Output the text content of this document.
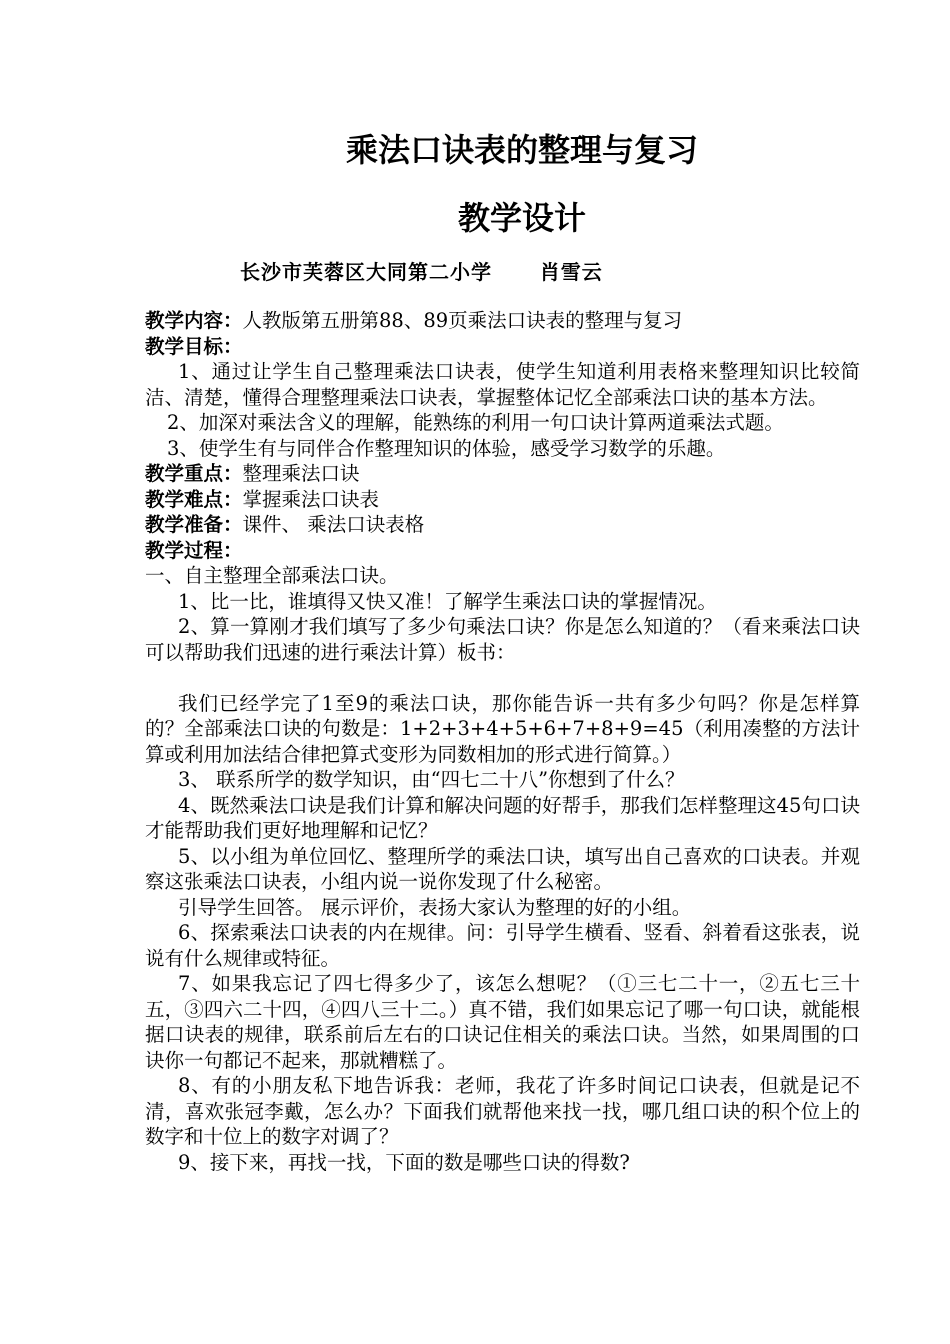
乘法口诀表的整理与复习
教学设计
长沙市芙蓉区大同第二小学      肖雪云

教学内容：人教版第五册第88、89页乘法口诀表的整理与复习

教学目标：

1、通过让学生自己整理乘法口诀表，使学生知道利用表格来整理知识比较简洁、清楚，懂得合理整理乘法口诀表，掌握整体记忆全部乘法口诀的基本方法。

2、加深对乘法含义的理解，能熟练的利用一句口诀计算两道乘法式题。

3、使学生有与同伴合作整理知识的体验，感受学习数学的乐趣。

教学重点：整理乘法口诀

教学难点：掌握乘法口诀表

教学准备：课件、 乘法口诀表格

教学过程：

一、自主整理全部乘法口诀。

1、比一比，谁填得又快又准！了解学生乘法口诀的掌握情况。

2、算一算刚才我们填写了多少句乘法口诀？你是怎么知道的？（看来乘法口诀可以帮助我们迅速的进行乘法计算）板书：

我们已经学完了1至9的乘法口诀，那你能告诉一共有多少句吗？你是怎样算的？全部乘法口诀的句数是：1+2+3+4+5+6+7+8+9=45（利用凑整的方法计算或利用加法结合律把算式变形为同数相加的形式进行简算。）

3、 联系所学的数学知识，由“四七二十八”你想到了什么？

4、既然乘法口诀是我们计算和解决问题的好帮手，那我们怎样整理这45句口诀才能帮助我们更好地理解和记忆？

5、以小组为单位回忆、整理所学的乘法口诀，填写出自己喜欢的口诀表。并观察这张乘法口诀表，小组内说一说你发现了什么秘密。

引导学生回答。 展示评价，表扬大家认为整理的好的小组。

6、探索乘法口诀表的内在规律。问：引导学生横看、竖看、斜着看这张表，说说有什么规律或特征。

7、如果我忘记了四七得多少了，该怎么想呢？（①三七二十一，②五七三十五，③四六二十四，④四八三十二。）真不错，我们如果忘记了哪一句口诀，就能根据口诀表的规律，联系前后左右的口诀记住相关的乘法口诀。当然，如果周围的口诀你一句都记不起来，那就糟糕了。

8、有的小朋友私下地告诉我：老师，我花了许多时间记口诀表，但就是记不清，喜欢张冠李戴，怎么办？下面我们就帮他来找一找，哪几组口诀的积个位上的数字和十位上的数字对调了？

9、接下来，再找一找，下面的数是哪些口诀的得数?
